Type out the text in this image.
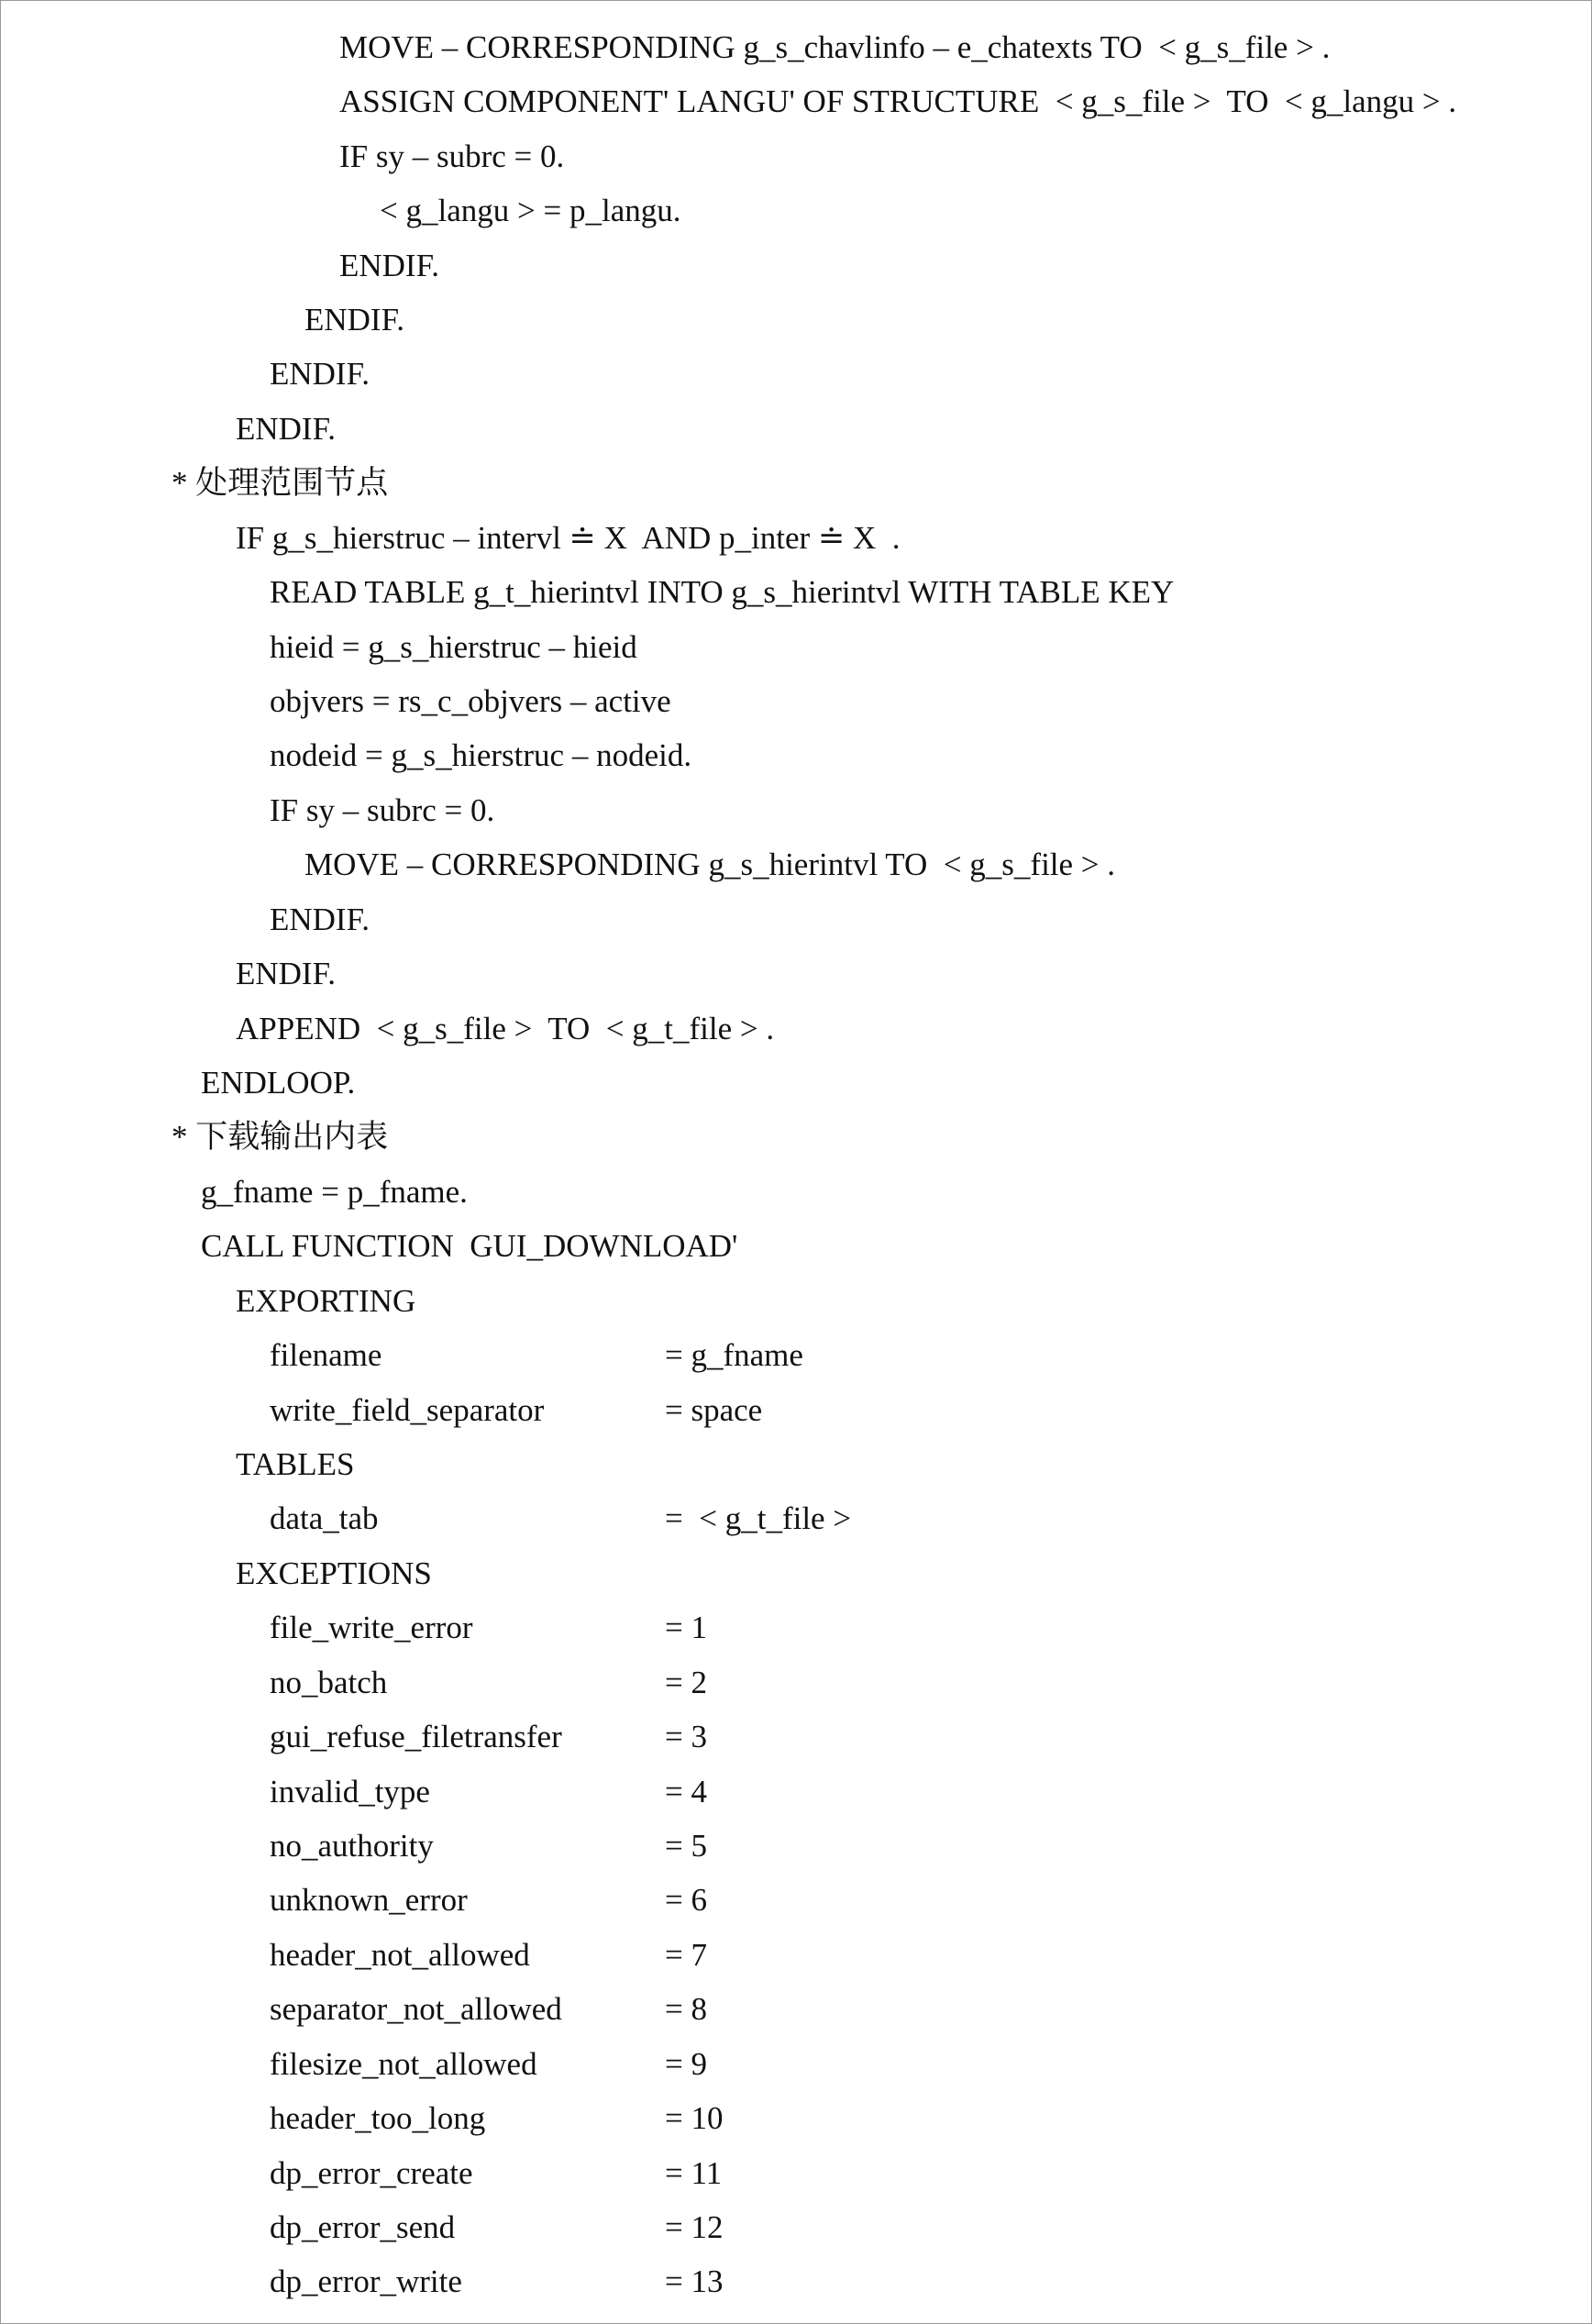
MOVE – CORRESPONDING g_s_chavlinfo – e_chatexts TO  < g_s_file > .
ASSIGN COMPONENT' LANGU' OF STRUCTURE  < g_s_file >  TO  < g_langu > .
IF sy – subrc = 0.
< g_langu > = p_langu.
ENDIF.
ENDIF.
ENDIF.
ENDIF.
* 处理范围节点
IF g_s_hierstruc – intervl ≐ X  AND p_inter ≐ X  .
READ TABLE g_t_hierintvl INTO g_s_hierintvl WITH TABLE KEY
hieid = g_s_hierstruc – hieid
objvers = rs_c_objvers – active
nodeid = g_s_hierstruc – nodeid.
IF sy – subrc = 0.
MOVE – CORRESPONDING g_s_hierintvl TO  < g_s_file > .
ENDIF.
ENDIF.
APPEND  < g_s_file >  TO  < g_t_file > .
ENDLOOP.
* 下载输出内表
g_fname = p_fname.
CALL FUNCTION  GUI_DOWNLOAD'
EXPORTING
filename	= g_fname
write_field_separator	= space
TABLES
data_tab	=  < g_t_file >
EXCEPTIONS
file_write_error	= 1
no_batch	= 2
gui_refuse_filetransfer	= 3
invalid_type	= 4
no_authority	= 5
unknown_error	= 6
header_not_allowed	= 7
separator_not_allowed	= 8
filesize_not_allowed	= 9
header_too_long	= 10
dp_error_create	= 11
dp_error_send	= 12
dp_error_write	= 13
